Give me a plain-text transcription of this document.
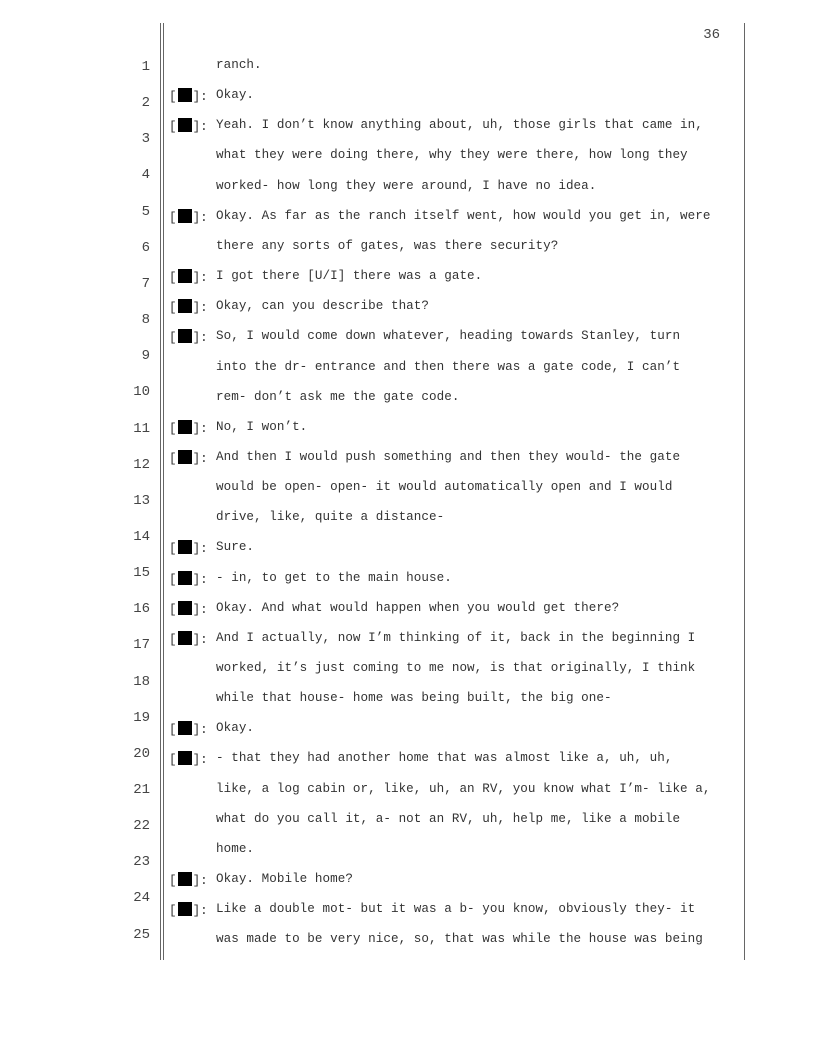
36
1
2
3
4
5
6
7
8
9
10
11
12
13
14
15
16
17
18
19
20
21
22
23
24
25
ranch.
[ ]: Okay.
[ ]: Yeah. I don’t know anything about, uh, those girls that came in,
what they were doing there, why they were there, how long they
worked- how long they were around, I have no idea.
[ ]: Okay. As far as the ranch itself went, how would you get in, were
there any sorts of gates, was there security?
[ ]: I got there [U/I] there was a gate.
[ ]: Okay, can you describe that?
[ ]: So, I would come down whatever, heading towards Stanley, turn
into the dr- entrance and then there was a gate code, I can’t
rem- don’t ask me the gate code.
[ ]: No, I won’t.
[ ]: And then I would push something and then they would- the gate
would be open- open- it would automatically open and I would
drive, like, quite a distance-
[ ]: Sure.
[ ]: - in, to get to the main house.
[ ]: Okay. And what would happen when you would get there?
[ ]: And I actually, now I’m thinking of it, back in the beginning I
worked, it’s just coming to me now, is that originally, I think
while that house- home was being built, the big one-
[ ]: Okay.
[ ]: - that they had another home that was almost like a, uh, uh,
like, a log cabin or, like, uh, an RV, you know what I’m- like a,
what do you call it, a- not an RV, uh, help me, like a mobile
home.
[ ]: Okay. Mobile home?
[ ]: Like a double mot- but it was a b- you know, obviously they- it
was made to be very nice, so, that was while the house was being
